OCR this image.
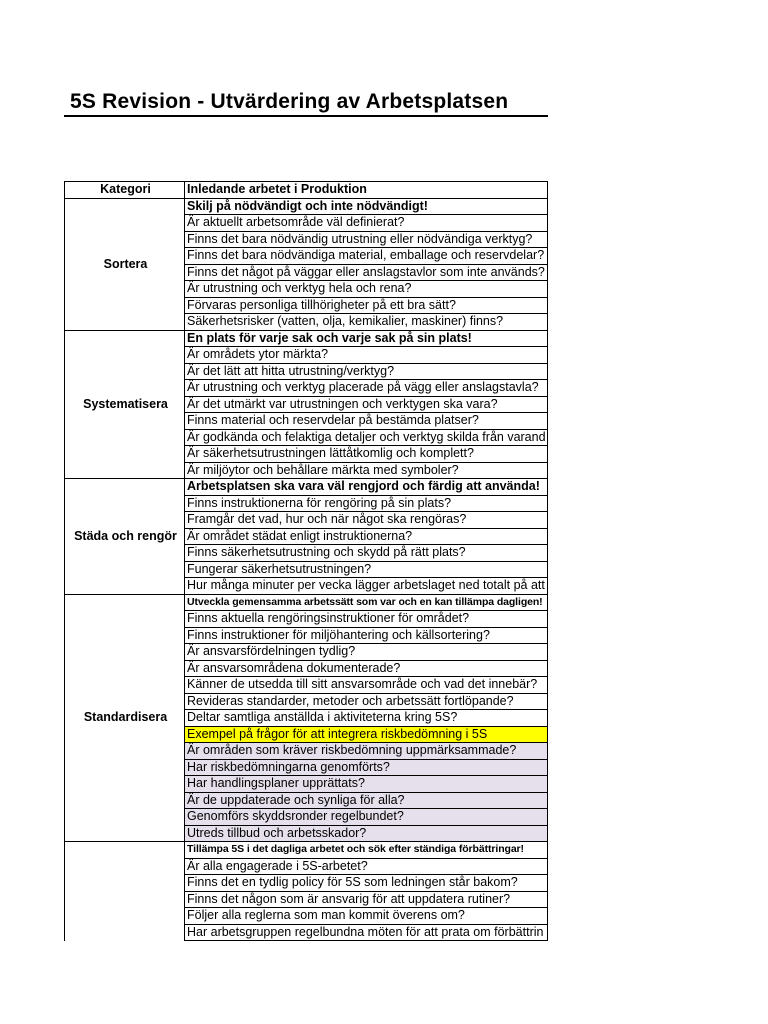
5S Revision - Utvärdering av Arbetsplatsen
Kategori	Inledande arbetet i Produktion
Sortera	Skilj på nödvändigt och inte nödvändigt!
	Är aktuellt arbetsområde väl definierat?
	Finns det bara nödvändig utrustning eller nödvändiga verktyg?
	Finns det bara nödvändiga material, emballage och reservdelar?
	Finns det något på väggar eller anslagstavlor som inte används?
	Är utrustning och verktyg hela och rena?
	Förvaras personliga tillhörigheter på ett bra sätt?
	Säkerhetsrisker (vatten, olja, kemikalier, maskiner) finns?
Systematisera	En plats för varje sak och varje sak på sin plats!
	Är områdets ytor märkta?
	Är det lätt att hitta utrustning/verktyg?
	Är utrustning och verktyg placerade på vägg eller anslagstavla?
	Är det utmärkt var utrustningen och verktygen ska vara?
	Finns material och reservdelar på bestämda platser?
	Är godkända och felaktiga detaljer och verktyg skilda från varand
	Är säkerhetsutrustningen lättåtkomlig och komplett?
	Är miljöytor och behållare märkta med symboler?
Städa och rengör	Arbetsplatsen ska vara väl rengjord och färdig att använda!
	Finns instruktionerna för rengöring på sin plats?
	Framgår det vad, hur och när något ska rengöras?
	Är området städat enligt instruktionerna?
	Finns säkerhetsutrustning och skydd på rätt plats?
	Fungerar säkerhetsutrustningen?
	Hur många minuter per vecka lägger arbetslaget ned totalt på att
Standardisera	Utveckla gemensamma arbetssätt som var och en kan tillämpa dagligen!
	Finns aktuella rengöringsinstruktioner för området?
	Finns instruktioner för miljöhantering och källsortering?
	Är ansvarsfördelningen tydlig?
	Är ansvarsområdena dokumenterade?
	Känner de utsedda till sitt ansvarsområde och vad det innebär?
	Revideras standarder, metoder och arbetssätt fortlöpande?
	Deltar samtliga anställda i aktiviteterna kring 5S?
	Exempel på frågor för att integrera riskbedömning i 5S
	Är områden som kräver riskbedömning uppmärksammade?
	Har riskbedömningarna genomförts?
	Har handlingsplaner upprättats?
	Är de uppdaterade och synliga för alla?
	Genomförs skyddsronder regelbundet?
	Utreds tillbud och arbetsskador?
	Tillämpa 5S i det dagliga arbetet och sök efter ständiga förbättringar!
	Är alla engagerade i 5S-arbetet?
	Finns det en tydlig policy för 5S som ledningen står bakom?
	Finns det någon som är ansvarig för att uppdatera rutiner?
	Följer alla reglerna som man kommit överens om?
	Har arbetsgruppen regelbundna möten för att prata om förbättrin
